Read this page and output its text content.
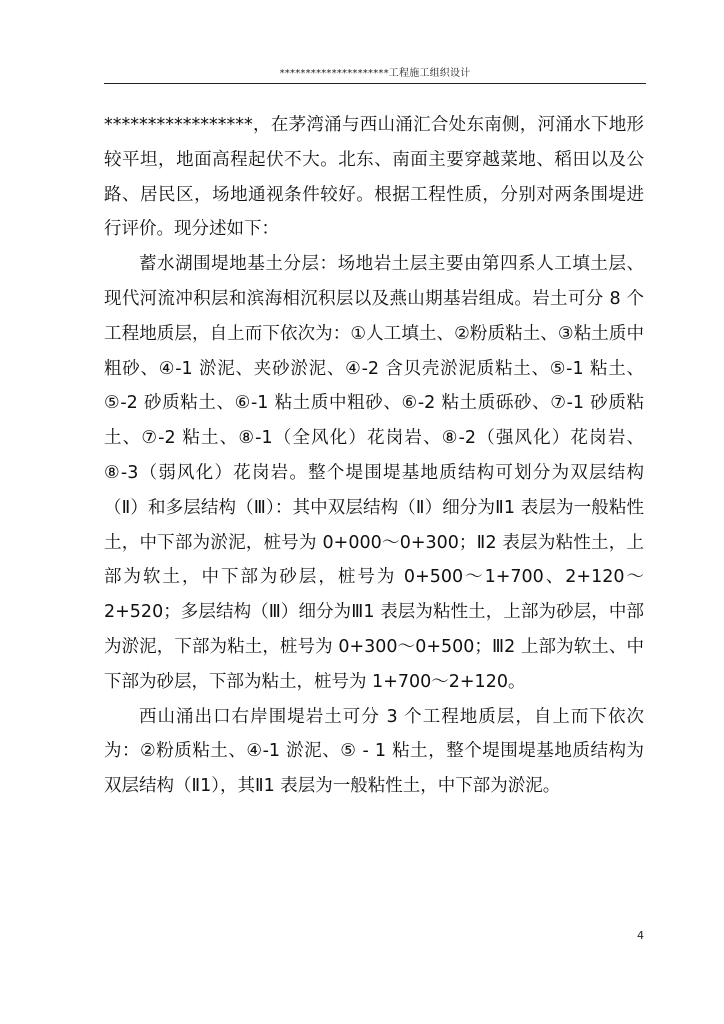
*********************工程施工组织设计

*****************，在茅湾涌与西山涌汇合处东南侧，河涌水下地形较平坦，地面高程起伏不大。北东、南面主要穿越菜地、稻田以及公路、居民区，场地通视条件较好。根据工程性质，分别对两条围堤进行评价。现分述如下：

蓄水湖围堤地基土分层：场地岩土层主要由第四系人工填土层、现代河流冲积层和滨海相沉积层以及燕山期基岩组成。岩土可分 8 个工程地质层，自上而下依次为：①人工填土、②粉质粘土、③粘土质中粗砂、④-1 淤泥、夹砂淤泥、④-2 含贝壳淤泥质粘土、⑤-1 粘土、⑤-2 砂质粘土、⑥-1 粘土质中粗砂、⑥-2 粘土质砾砂、⑦-1 砂质粘土、⑦-2 粘土、⑧-1（全风化）花岗岩、⑧-2（强风化）花岗岩、⑧-3（弱风化）花岗岩。整个堤围堤基地质结构可划分为双层结构（Ⅱ）和多层结构（Ⅲ）：其中双层结构（Ⅱ）细分为Ⅱ1 表层为一般粘性土，中下部为淤泥，桩号为 0+000～0+300；Ⅱ2 表层为粘性土，上部为软土，中下部为砂层，桩号为 0+500～1+700、2+120～2+520；多层结构（Ⅲ）细分为Ⅲ1 表层为粘性土，上部为砂层，中部为淤泥，下部为粘土，桩号为 0+300～0+500；Ⅲ2 上部为软土、中下部为砂层，下部为粘土，桩号为 1+700～2+120。

西山涌出口右岸围堤岩土可分 3 个工程地质层，自上而下依次为：②粉质粘土、④-1 淤泥、⑤ - 1 粘土，整个堤围堤基地质结构为双层结构（Ⅱ1），其Ⅱ1 表层为一般粘性土，中下部为淤泥。

4
